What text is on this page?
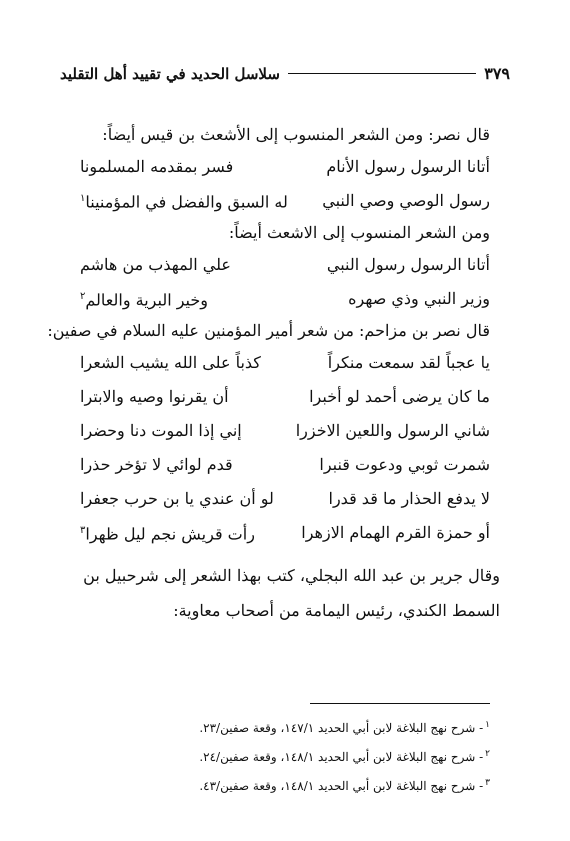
٣٧٩
سلاسل الحديد في تقييد أهل التقليد

قال نصر: ومن الشعر المنسوب إلى الأشعث بن قيس أيضاً:

أتانا الرسول رسول الأنام
فسر بمقدمه المسلمونا
رسول الوصي وصي النبي
له السبق والفضل في المؤمنينا$^١$

ومن الشعر المنسوب إلى الاشعث أيضاً:

أتانا الرسول رسول النبي
علي المهذب من هاشم
وزير النبي وذي صهره
وخير البرية والعالم$^٢$

قال نصر بن مزاحم: من شعر أمير المؤمنين عليه السلام في صفين:

يا عجباً لقد سمعت منكراً
كذباً على الله يشيب الشعرا
ما كان يرضى أحمد لو أخبرا
أن يقرنوا وصيه والابترا
شاني الرسول واللعين الاخزرا
إني إذا الموت دنا وحضرا
شمرت ثوبي ودعوت قنبرا
قدم لوائي لا تؤخر حذرا
لا يدفع الحذار ما قد قدرا
لو أن عندي يا بن حرب جعفرا
أو حمزة القرم الهمام الازهرا
رأت قريش نجم ليل ظهرا$^٣$

وقال جرير بن عبد الله البجلي، كتب بهذا الشعر إلى شرحبيل بن

السمط الكندي، رئيس اليمامة من أصحاب معاوية:

$^١$- شرح نهج البلاغة لابن أبي الحديد ١٤٧/١، وقعة صفين/٢٣.
$^٢$- شرح نهج البلاغة لابن أبي الحديد ١٤٨/١، وقعة صفين/٢٤.
$^٣$- شرح نهج البلاغة لابن أبي الحديد ١٤٨/١، وقعة صفين/٤٣.
